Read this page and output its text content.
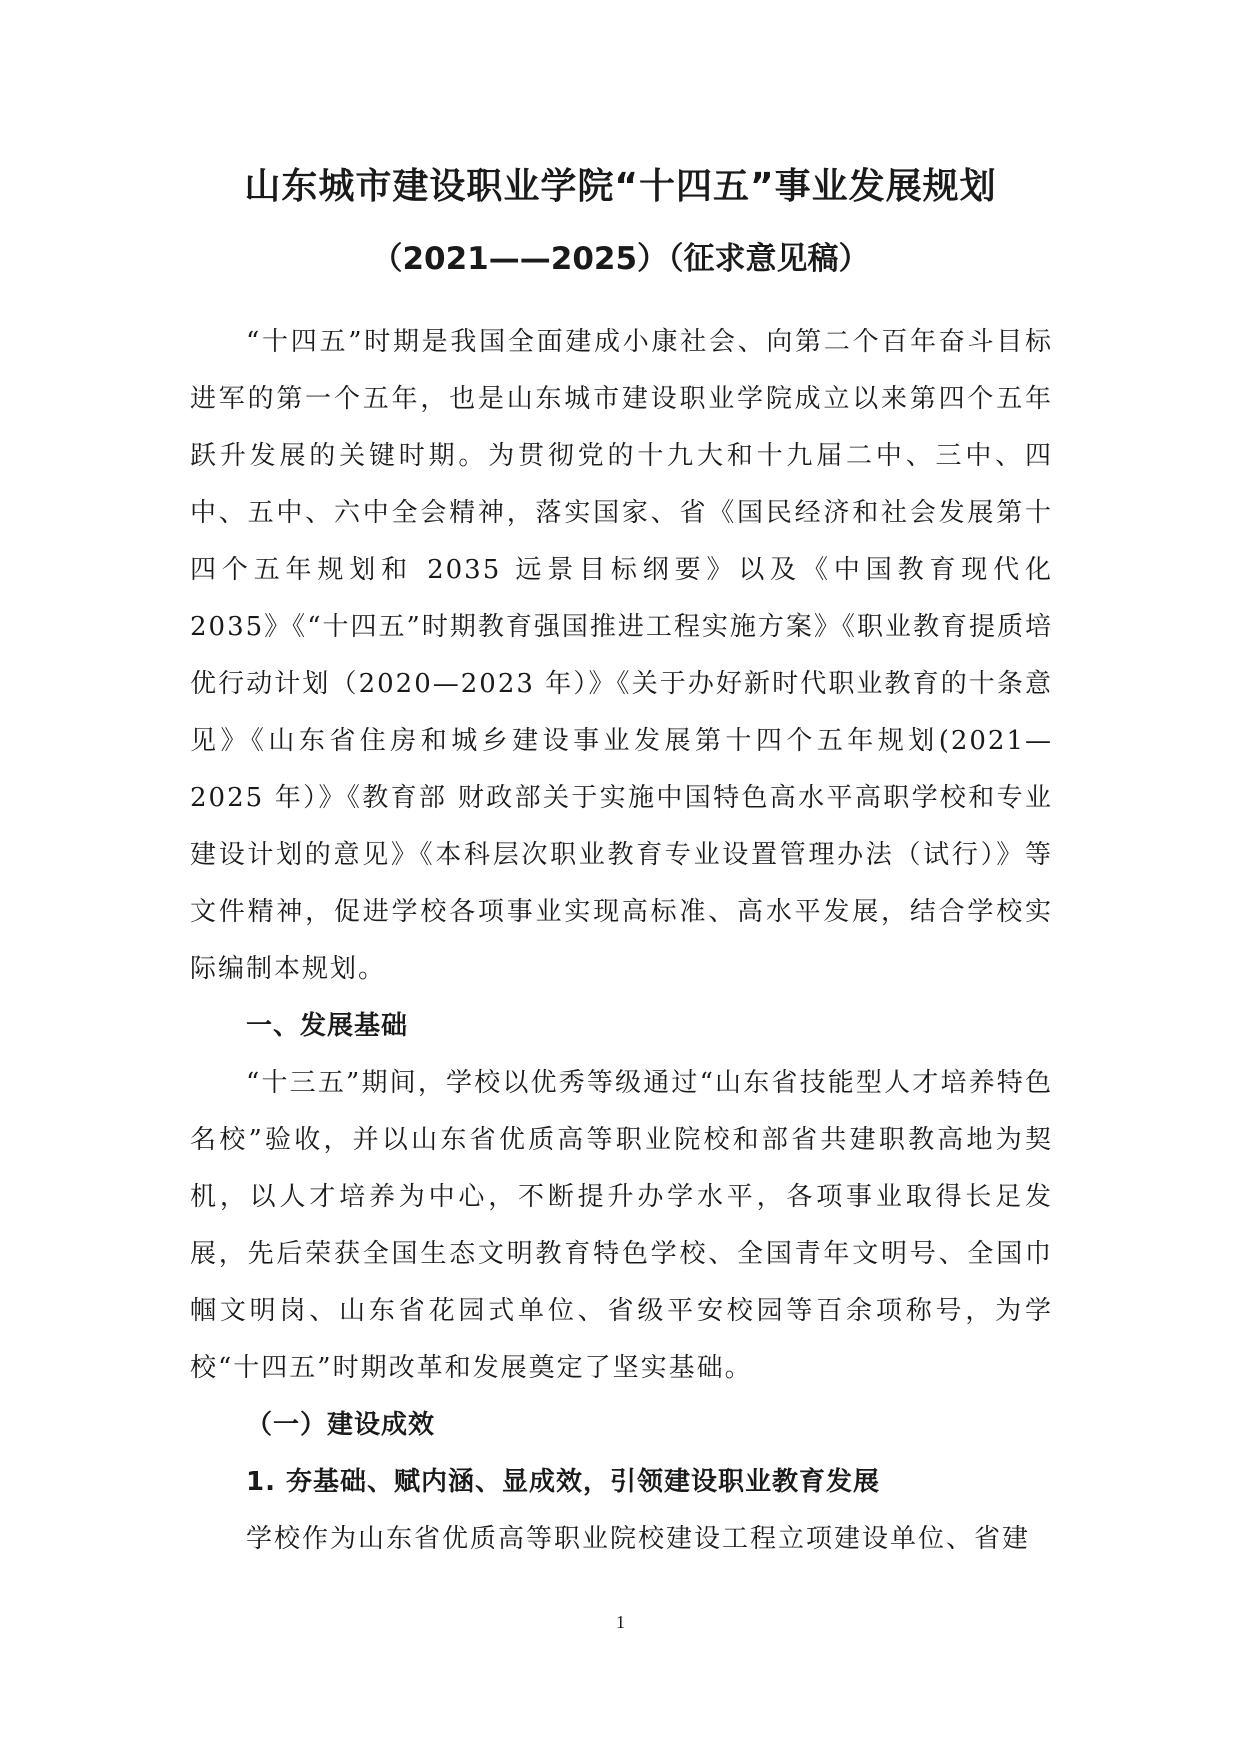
山东城市建设职业学院“十四五”事业发展规划
（2021——2025）（征求意见稿）

“十四五”时期是我国全面建成小康社会、向第二个百年奋斗目标进军的第一个五年，也是山东城市建设职业学院成立以来第四个五年跃升发展的关键时期。为贯彻党的十九大和十九届二中、三中、四中、五中、六中全会精神，落实国家、省《国民经济和社会发展第十四个五年规划和 2035 远景目标纲要》以及《中国教育现代化 2035》《“十四五”时期教育强国推进工程实施方案》《职业教育提质培优行动计划（2020—2023 年）》《关于办好新时代职业教育的十条意见》《山东省住房和城乡建设事业发展第十四个五年规划(2021—2025 年）》《教育部 财政部关于实施中国特色高水平高职学校和专业建设计划的意见》《本科层次职业教育专业设置管理办法（试行）》等文件精神，促进学校各项事业实现高标准、高水平发展，结合学校实际编制本规划。

一、发展基础

“十三五”期间，学校以优秀等级通过“山东省技能型人才培养特色名校”验收，并以山东省优质高等职业院校和部省共建职教高地为契机，以人才培养为中心，不断提升办学水平，各项事业取得长足发展，先后荣获全国生态文明教育特色学校、全国青年文明号、全国巾帼文明岗、山东省花园式单位、省级平安校园等百余项称号，为学校“十四五”时期改革和发展奠定了坚实基础。

（一）建设成效

1. 夯基础、赋内涵、显成效，引领建设职业教育发展

学校作为山东省优质高等职业院校建设工程立项建设单位、省建

1
